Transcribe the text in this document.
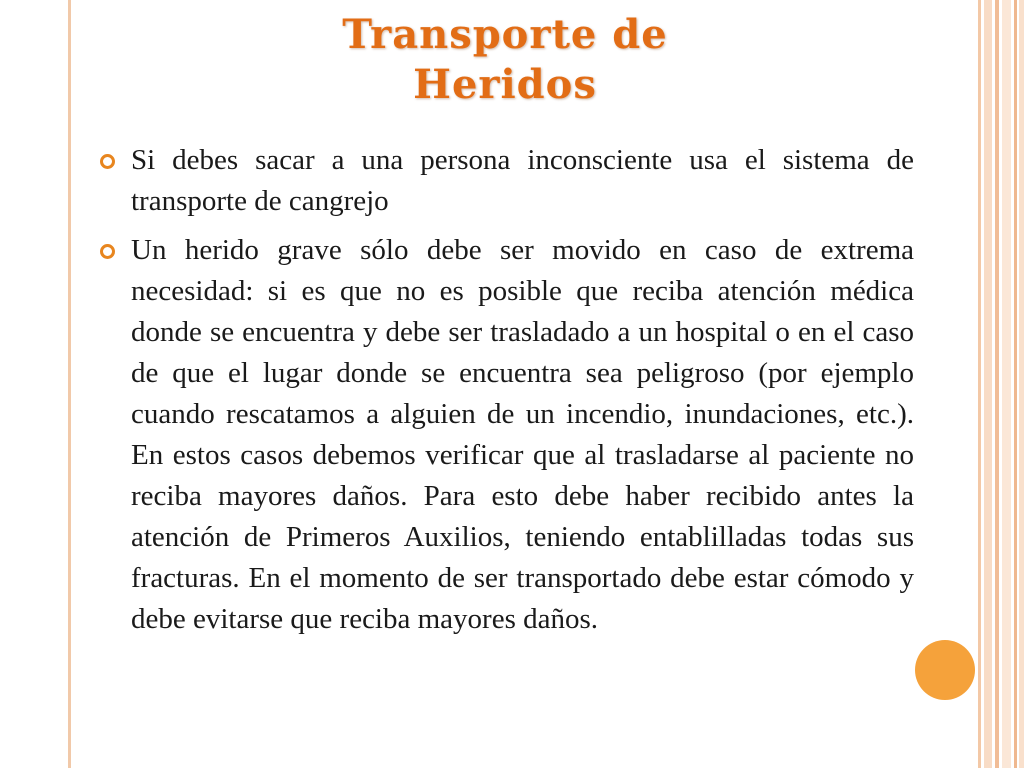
Transporte de
Heridos
Si debes sacar a una persona inconsciente usa el sistema de transporte de cangrejo
Un herido grave sólo debe ser movido en caso de extrema necesidad: si es que no es posible que reciba atención médica donde se encuentra y debe ser trasladado a un hospital o en el caso de que el lugar donde se encuentra sea peligroso (por ejemplo cuando rescatamos a alguien de un incendio, inundaciones, etc.). En estos casos debemos verificar que al trasladarse al paciente no reciba mayores daños. Para esto debe haber recibido antes la atención de Primeros Auxilios, teniendo entablilladas todas sus fracturas. En el momento de ser transportado debe estar cómodo y debe evitarse que reciba mayores daños.
